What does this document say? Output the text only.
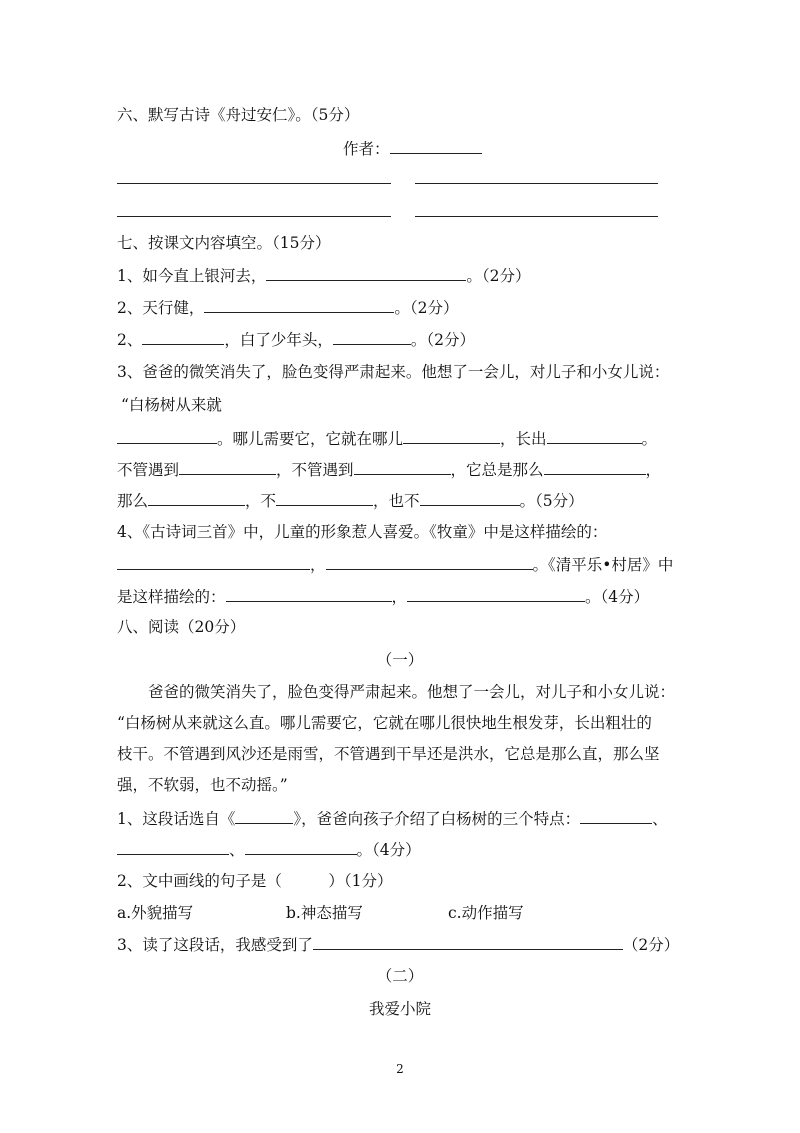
六、默写古诗《舟过安仁》。（5分）
作者：
七、按课文内容填空。（15分）
1、如今直上银河去，	。（2分）
2、天行健，	。（2分）
2、	，白了少年头，	。（2分）
3、爸爸的微笑消失了，脸色变得严肃起来。他想了一会儿，对儿子和小女儿说：
“白杨树从来就
。哪儿需要它，它就在哪儿	，长出	。
不管遇到	，不管遇到	，它总是那么	，
那么	，不	，也不	。（5分）
4、《古诗词三首》中，儿童的形象惹人喜爱。《牧童》中是这样描绘的：
，	。《清平乐•村居》中
是这样描绘的：	，	。（4分）
八、阅读（20分）
（一）
爸爸的微笑消失了，脸色变得严肃起来。他想了一会儿，对儿子和小女儿说：
“白杨树从来就这么直。哪儿需要它，它就在哪儿很快地生根发芽，长出粗壮的
枝干。不管遇到风沙还是雨雪，不管遇到干旱还是洪水，它总是那么直，那么坚
强，不软弱，也不动摇。”
1、这段话选自《	》，爸爸向孩子介绍了白杨树的三个特点：	、
、	。（4分）
2、文中画线的句子是（　　　）（1分）
a.外貌描写	b.神态描写	c.动作描写
3、读了这段话，我感受到了	（2分）
（二）
我爱小院
2
